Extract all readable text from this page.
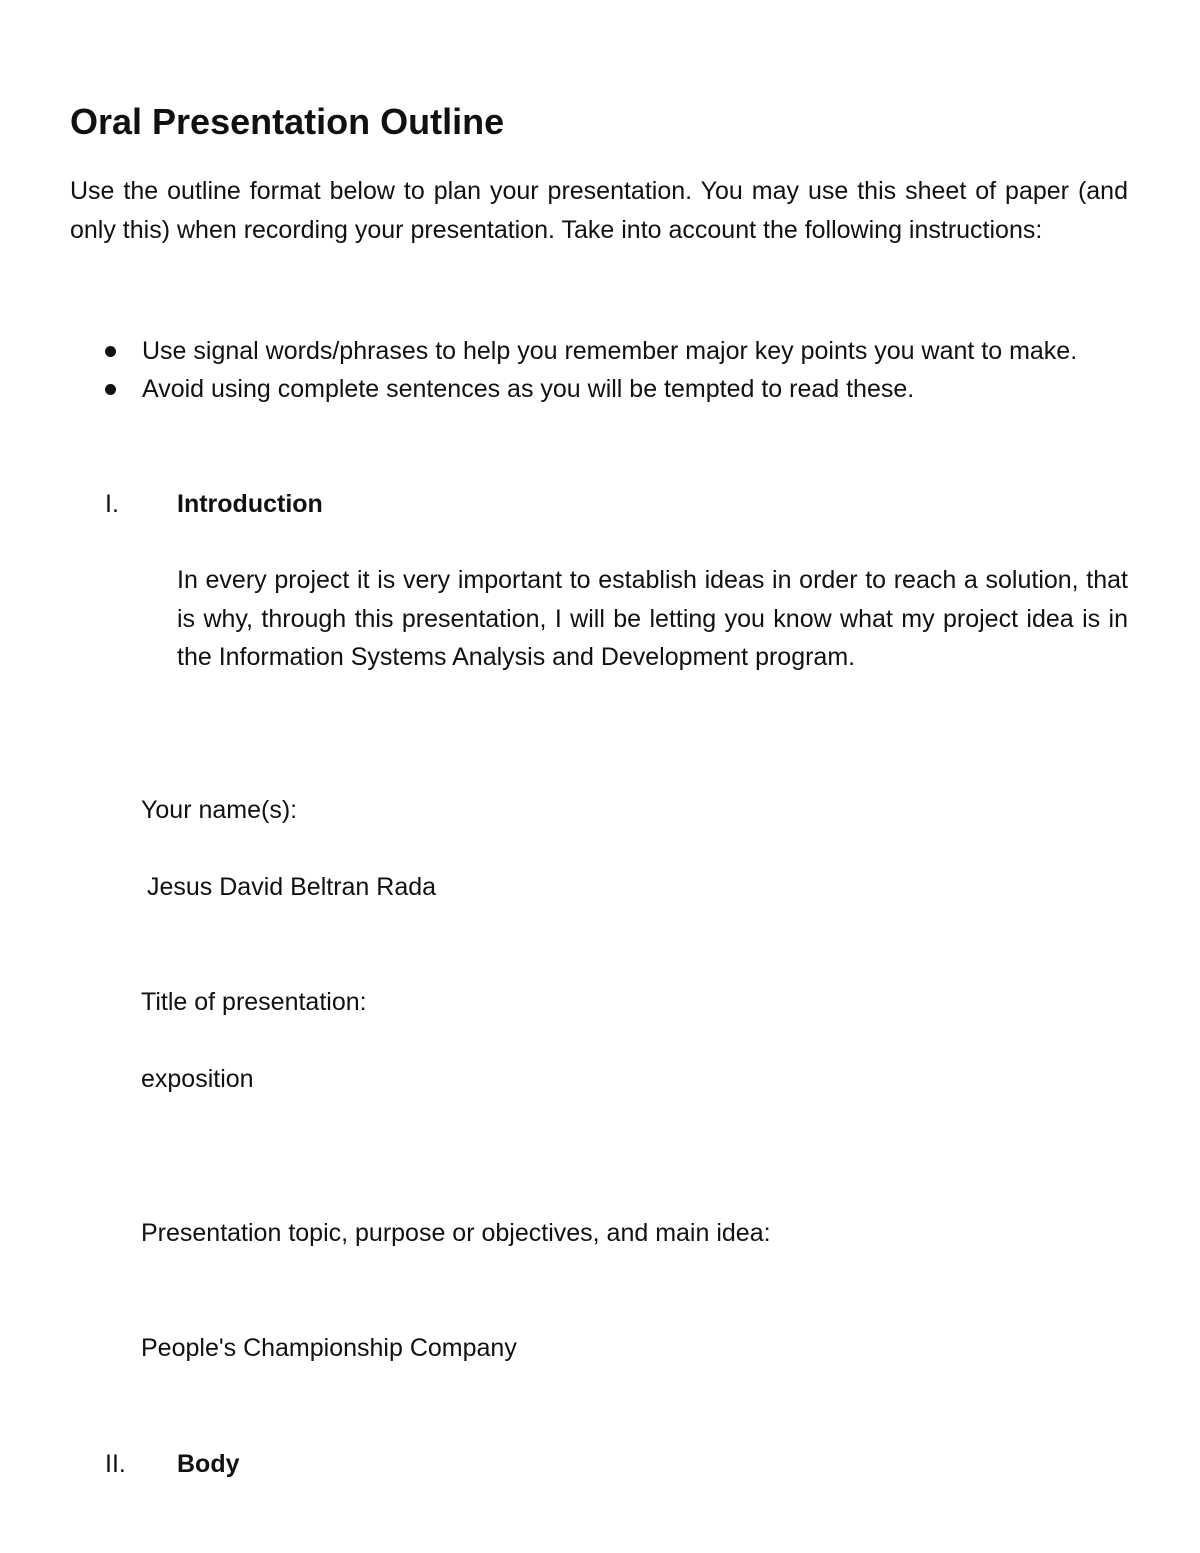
Oral Presentation Outline
Use the outline format below to plan your presentation. You may use this sheet of paper (and only this) when recording your presentation. Take into account the following instructions:
Use signal words/phrases to help you remember major key points you want to make.
Avoid using complete sentences as you will be tempted to read these.
I. Introduction
In every project it is very important to establish ideas in order to reach a solution, that is why, through this presentation, I will be letting you know what my project idea is in the Information Systems Analysis and Development program.
Your name(s):
Jesus David Beltran Rada
Title of presentation:
exposition
Presentation topic, purpose or objectives, and main idea:
People's Championship Company
II. Body
